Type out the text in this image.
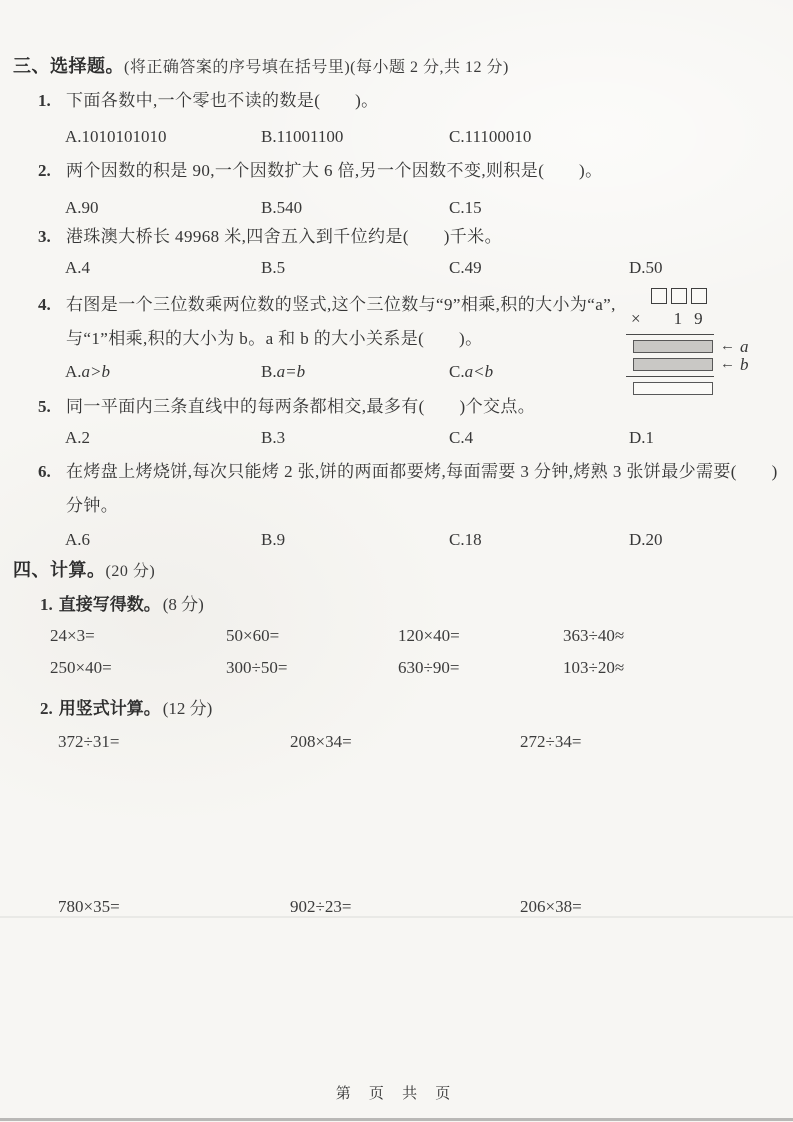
三、选择题。(将正确答案的序号填在括号里)(每小题 2 分,共 12 分)
1. 下面各数中,一个零也不读的数是(　　)。
A.1010101010	B.11001100	C.11100010
2. 两个因数的积是 90,一个因数扩大 6 倍,另一个因数不变,则积是(　　)。
A.90	B.540	C.15
3. 港珠澳大桥长 49968 米,四舍五入到千位约是(　　)千米。
A.4	B.5	C.49	D.50
4. 右图是一个三位数乘两位数的竖式,这个三位数与“9”相乘,积的大小为“a”,与“1”相乘,积的大小为 b。a 和 b 的大小关系是(　　)。
A.a>b	B.a=b	C.a<b
× 1 9
← a
← b
5. 同一平面内三条直线中的每两条都相交,最多有(　　)个交点。
A.2	B.3	C.4	D.1
6. 在烤盘上烤烧饼,每次只能烤 2 张,饼的两面都要烤,每面需要 3 分钟,烤熟 3 张饼最少需要(　　)分钟。
A.6	B.9	C.18	D.20
四、计算。(20 分)
1. 直接写得数。 (8 分)
24×3=	50×60=	120×40=	363÷40≈
250×40=	300÷50=	630÷90=	103÷20≈
2. 用竖式计算。 (12 分)
372÷31=	208×34=	272÷34=
780×35=	902÷23=	206×38=
第 页 共 页
